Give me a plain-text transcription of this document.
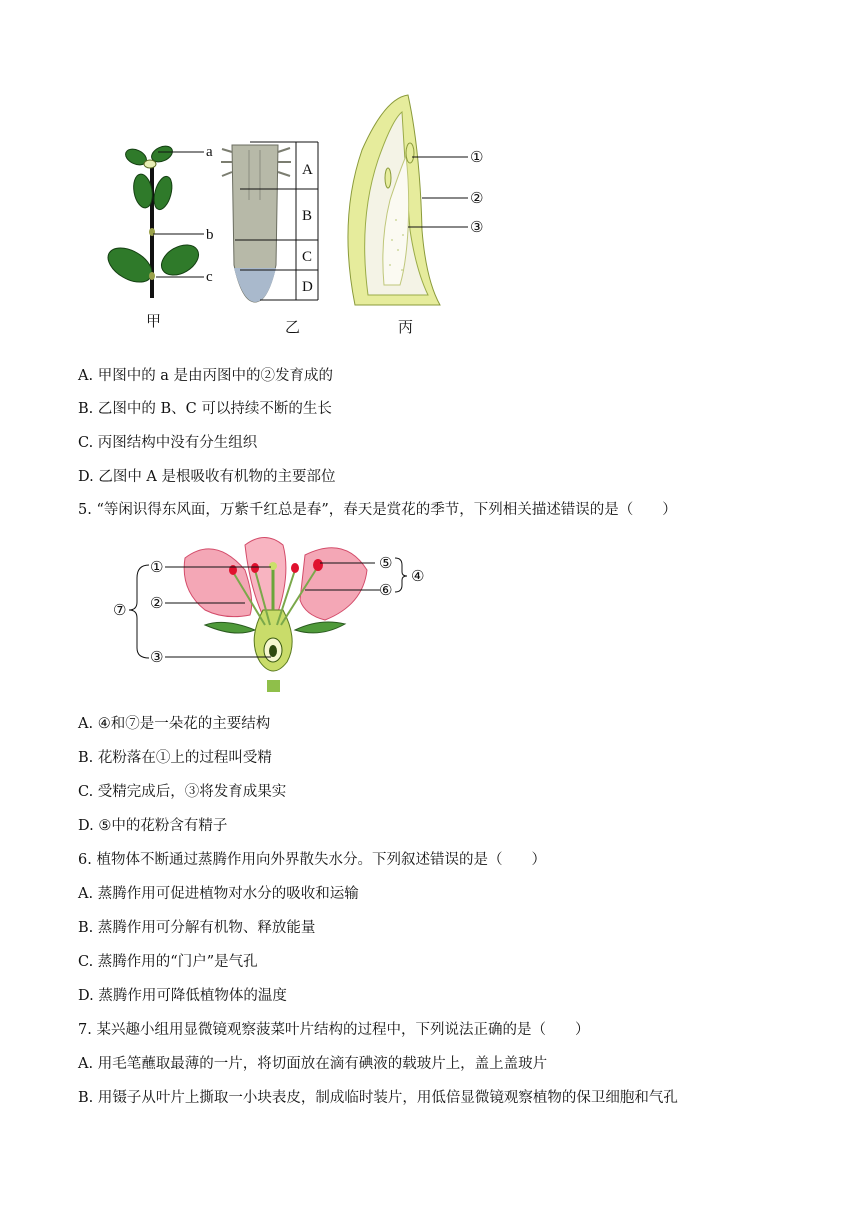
a
b
c
甲
A
B
C
D
乙
①
②
③
丙
A. 甲图中的 a 是由丙图中的②发育成的
B. 乙图中的 B、C 可以持续不断的生长
C. 丙图结构中没有分生组织
D. 乙图中 A 是根吸收有机物的主要部位
5. “等闲识得东风面，万紫千红总是春”，春天是赏花的季节，下列相关描述错误的是（　　）
①
②
③
④
⑤
⑥
⑦
A. ④和⑦是一朵花的主要结构
B. 花粉落在①上的过程叫受精
C. 受精完成后，③将发育成果实
D. ⑤中的花粉含有精子
6. 植物体不断通过蒸腾作用向外界散失水分。下列叙述错误的是（　　）
A. 蒸腾作用可促进植物对水分的吸收和运输
B. 蒸腾作用可分解有机物、释放能量
C. 蒸腾作用的“门户”是气孔
D. 蒸腾作用可降低植物体的温度
7. 某兴趣小组用显微镜观察菠菜叶片结构的过程中，下列说法正确的是（　　）
A. 用毛笔蘸取最薄的一片，将切面放在滴有碘液的载玻片上，盖上盖玻片
B. 用镊子从叶片上撕取一小块表皮，制成临时装片，用低倍显微镜观察植物的保卫细胞和气孔
